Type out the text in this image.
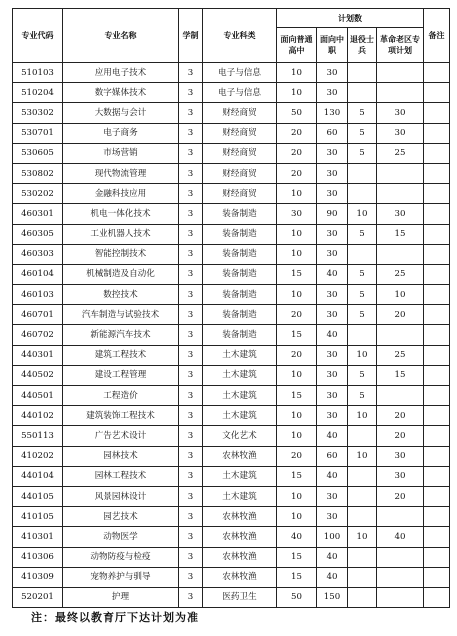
专业代码	专业名称	学制	专业科类	计划数				备注
				面向普通高中	面向中职	退役士兵	革命老区专项计划	
510103	应用电子技术	3	电子与信息	10	30			
510204	数字媒体技术	3	电子与信息	10	30			
530302	大数据与会计	3	财经商贸	50	130	5	30	
530701	电子商务	3	财经商贸	20	60	5	30	
530605	市场营销	3	财经商贸	20	30	5	25	
530802	现代物流管理	3	财经商贸	20	30			
530202	金融科技应用	3	财经商贸	10	30			
460301	机电一体化技术	3	装备制造	30	90	10	30	
460305	工业机器人技术	3	装备制造	10	30	5	15	
460303	智能控制技术	3	装备制造	10	30			
460104	机械制造及自动化	3	装备制造	15	40	5	25	
460103	数控技术	3	装备制造	10	30	5	10	
460701	汽车制造与试验技术	3	装备制造	20	30	5	20	
460702	新能源汽车技术	3	装备制造	15	40			
440301	建筑工程技术	3	土木建筑	20	30	10	25	
440502	建设工程管理	3	土木建筑	10	30	5	15	
440501	工程造价	3	土木建筑	15	30	5		
440102	建筑装饰工程技术	3	土木建筑	10	30	10	20	
550113	广告艺术设计	3	文化艺术	10	40		20	
410202	园林技术	3	农林牧渔	20	60	10	30	
440104	园林工程技术	3	土木建筑	15	40		30	
440105	风景园林设计	3	土木建筑	10	30		20	
410105	园艺技术	3	农林牧渔	10	30			
410301	动物医学	3	农林牧渔	40	100	10	40	
410306	动物防疫与检疫	3	农林牧渔	15	40			
410309	宠物养护与驯导	3	农林牧渔	15	40			
520201	护理	3	医药卫生	50	150			
注：最终以教育厅下达计划为准
